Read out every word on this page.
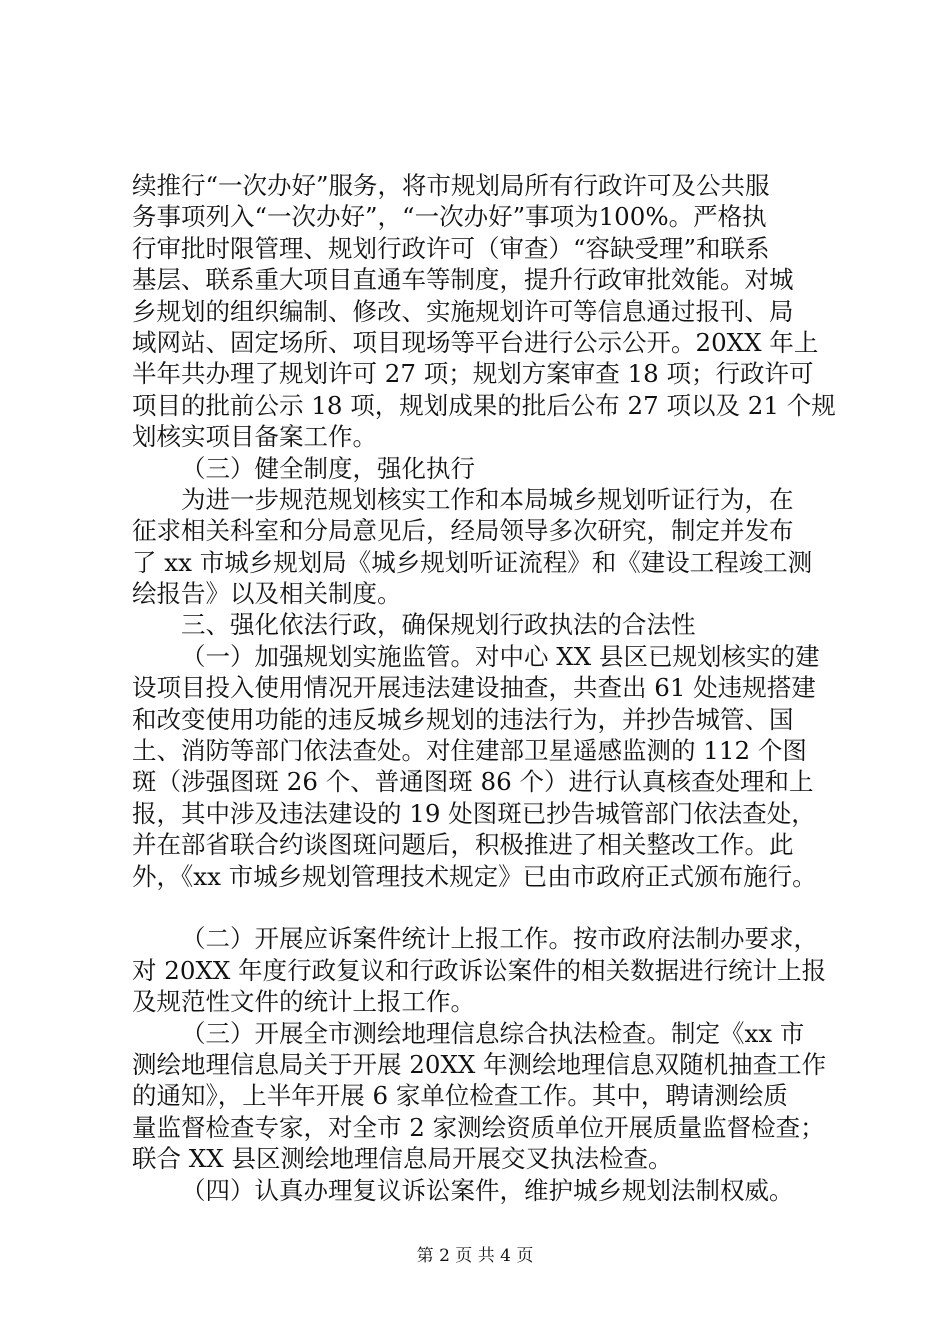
续推行“一次办好”服务，将市规划局所有行政许可及公共服
务事项列入“一次办好”，“一次办好”事项为100%。严格执
行审批时限管理、规划行政许可（审查）“容缺受理”和联系
基层、联系重大项目直通车等制度，提升行政审批效能。对城
乡规划的组织编制、修改、实施规划许可等信息通过报刊、局
域网站、固定场所、项目现场等平台进行公示公开。20XX 年上
半年共办理了规划许可 27 项；规划方案审查 18 项；行政许可
项目的批前公示 18 项，规划成果的批后公布 27 项以及 21 个规
划核实项目备案工作。
（三）健全制度，强化执行
为进一步规范规划核实工作和本局城乡规划听证行为，在
征求相关科室和分局意见后，经局领导多次研究，制定并发布
了 xx 市城乡规划局《城乡规划听证流程》和《建设工程竣工测
绘报告》以及相关制度。
三、强化依法行政，确保规划行政执法的合法性
（一）加强规划实施监管。对中心 XX 县区已规划核实的建
设项目投入使用情况开展违法建设抽查，共查出 61 处违规搭建
和改变使用功能的违反城乡规划的违法行为，并抄告城管、国
土、消防等部门依法查处。对住建部卫星遥感监测的 112 个图
斑（涉强图斑 26 个、普通图斑 86 个）进行认真核查处理和上
报，其中涉及违法建设的 19 处图斑已抄告城管部门依法查处，
并在部省联合约谈图斑问题后，积极推进了相关整改工作。此
外，《xx 市城乡规划管理技术规定》已由市政府正式颁布施行。
（二）开展应诉案件统计上报工作。按市政府法制办要求，
对 20XX 年度行政复议和行政诉讼案件的相关数据进行统计上报
及规范性文件的统计上报工作。
（三）开展全市测绘地理信息综合执法检查。制定《xx 市
测绘地理信息局关于开展 20XX 年测绘地理信息双随机抽查工作
的通知》，上半年开展 6 家单位检查工作。其中，聘请测绘质
量监督检查专家，对全市 2 家测绘资质单位开展质量监督检查；
联合 XX 县区测绘地理信息局开展交叉执法检查。
（四）认真办理复议诉讼案件，维护城乡规划法制权威。
第 2 页 共 4 页
